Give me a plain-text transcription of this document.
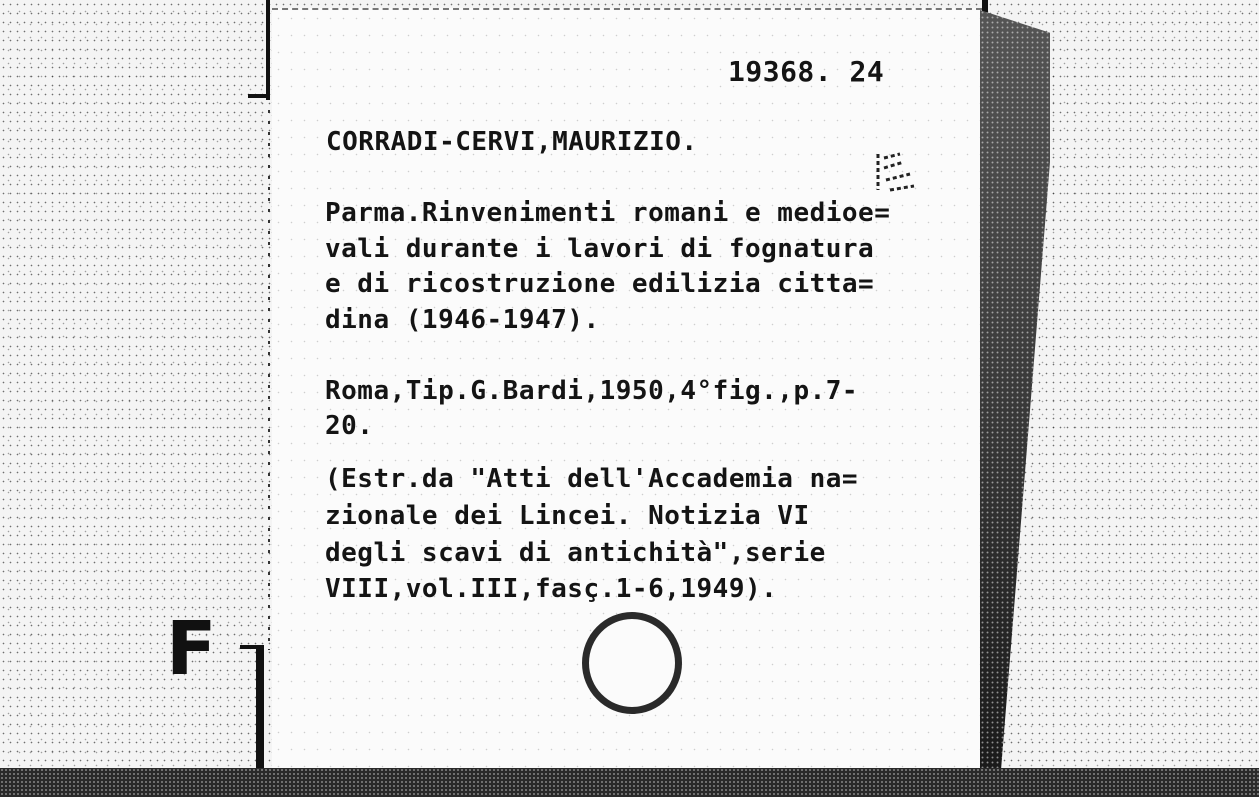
19368. 24
CORRADI-CERVI,MAURIZIO.
Parma.Rinvenimenti romani e medioe=
vali durante i lavori di fognatura
e di ricostruzione edilizia citta=
dina (1946-1947).
Roma,Tip.G.Bardi,1950,4°fig.,p.7-
20.
(Estr.da "Atti dell'Accademia na=
zionale dei Lincei. Notizia VI
degli scavi di antichità",serie
VIII,vol.III,fasç.1-6,1949).
F
